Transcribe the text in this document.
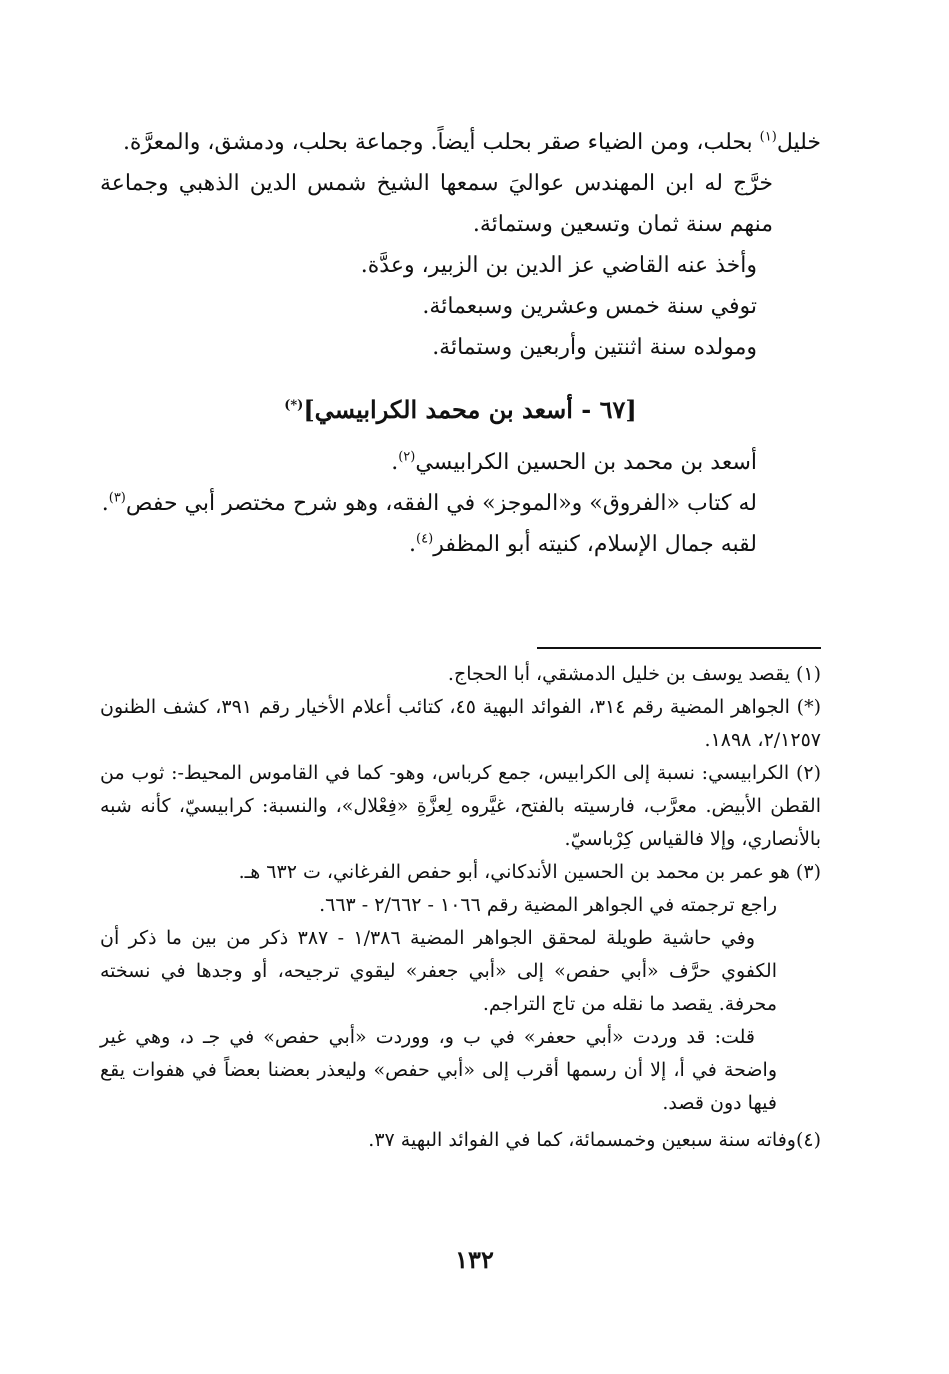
خليل$^{(١)}$ بحلب، ومن الضياء صقر بحلب أيضاً. وجماعة بحلب، ودمشق، والمعرَّة.

خرَّج له ابن المهندس عواليَ سمعها الشيخ شمس الدين الذهبي وجماعة منهم سنة ثمان وتسعين وستمائة.

وأخذ عنه القاضي عز الدين بن الزبير، وعدَّة.

توفي سنة خمس وعشرين وسبعمائة.

ومولده سنة اثنتين وأربعين وستمائة.

[٦٧ - أسعد بن محمد الكرابيسي](*)

أسعد بن محمد بن الحسين الكرابيسي$^{(٢)}$.

له كتاب «الفروق» و«الموجز» في الفقه، وهو شرح مختصر أبي حفص$^{(٣)}$.

لقبه جمال الإسلام، كنيته أبو المظفر$^{(٤)}$.

(١) يقصد يوسف بن خليل الدمشقي، أبا الحجاج.

(*) الجواهر المضية رقم ٣١٤، الفوائد البهية ٤٥، كتائب أعلام الأخيار رقم ٣٩١، كشف الظنون ٢/١٢٥٧، ١٨٩٨.

(٢) الكرابيسي: نسبة إلى الكرابيس، جمع كرباس، وهو- كما في القاموس المحيط-: ثوب من القطن الأبيض. معرَّب، فارسيته بالفتح، غيَّروه لِعزَّةِ «فِعْلال»، والنسبة: كرابيسيّ، كأنه شبه بالأنصاري، وإلا فالقياس كِرْباسيّ.

(٣) هو عمر بن محمد بن الحسين الأندكاني، أبو حفص الفرغاني، ت ٦٣٢ هـ.

راجع ترجمته في الجواهر المضية رقم ١٠٦٦ - ٢/٦٦٢ - ٦٦٣.

وفي حاشية طويلة لمحقق الجواهر المضية ١/٣٨٦ - ٣٨٧ ذكر من بين ما ذكر أن الكفوي حرَّف «أبي حفص» إلى «أبي جعفر» ليقوي ترجيحه، أو وجدها في نسخته محرفة. يقصد ما نقله من تاج التراجم.

قلت: قد وردت «أبي حعفر» في ب و، ووردت «أبي حفص» في جـ د، وهي غير واضحة في أ، إلا أن رسمها أقرب إلى «أبي حفص» وليعذر بعضنا بعضاً في هفوات يقع فيها دون قصد.

(٤)وفاته سنة سبعين وخمسمائة، كما في الفوائد البهية ٣٧.

١٣٢
